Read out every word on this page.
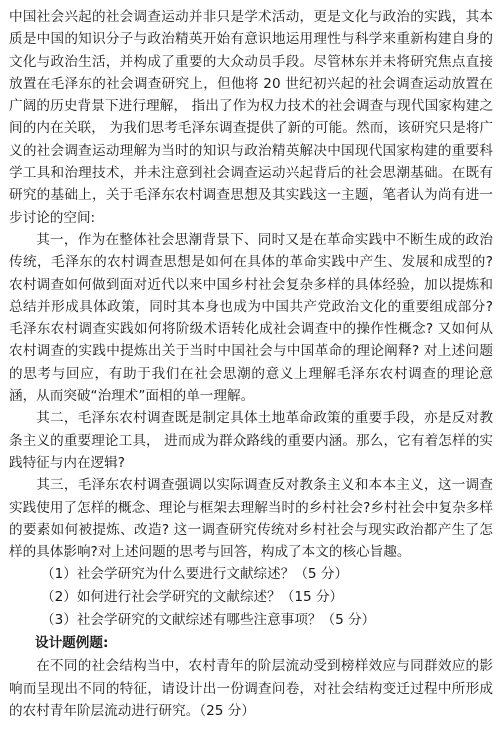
中国社会兴起的社会调查运动并非只是学术活动，更是文化与政治的实践，其本质是中国的知识分子与政治精英开始有意识地运用理性与科学来重新构建自身的文化与政治生活，并构成了重要的大众动员手段。尽管林东并未将研究焦点直接放置在毛泽东的社会调查研究上，但他将 20 世纪初兴起的社会调查运动放置在广阔的历史背景下进行理解， 指出了作为权力技术的社会调查与现代国家构建之间的内在关联， 为我们思考毛泽东调查提供了新的可能。然而，该研究只是将广义的社会调查运动理解为当时的知识与政治精英解决中国现代国家构建的重要科学工具和治理技术，并未注意到社会调查运动兴起背后的社会思潮基础。在既有研究的基础上，关于毛泽东农村调查思想及其实践这一主题，笔者认为尚有进一步讨论的空间:

其一，作为在整体社会思潮背景下、同时又是在革命实践中不断生成的政治传统，毛泽东的农村调查思想是如何在具体的革命实践中产生、发展和成型的? 农村调查如何做到面对近代以来中国乡村社会复杂多样的具体经验，加以提炼和总结并形成具体政策，同时其本身也成为中国共产党政治文化的重要组成部分? 毛泽东农村调查实践如何将阶级术语转化成社会调查中的操作性概念? 又如何从农村调查的实践中提炼出关于当时中国社会与中国革命的理论阐释? 对上述问题的思考与回应，有助于我们在社会思潮的意义上理解毛泽东农村调查的理论意涵，从而突破“治理术”面相的单一理解。

其二，毛泽东农村调查既是制定具体土地革命政策的重要手段，亦是反对教条主义的重要理论工具， 进而成为群众路线的重要内涵。那么，它有着怎样的实践特征与内在逻辑?

其三，毛泽东农村调查强调以实际调查反对教条主义和本本主义，这一调查实践使用了怎样的概念、理论与框架去理解当时的乡村社会?乡村社会中复杂多样的要素如何被提炼、改造? 这一调查研究传统对乡村社会与现实政治都产生了怎样的具体影响?对上述问题的思考与回答，构成了本文的核心旨趣。

（1）社会学研究为什么要进行文献综述？（5 分）
（2）如何进行社会学研究的文献综述？（15 分）
（3）社会学研究的文献综述有哪些注意事项？（5 分）

设计题例题:

在不同的社会结构当中，农村青年的阶层流动受到榜样效应与同群效应的影响而呈现出不同的特征，请设计出一份调查问卷，对社会结构变迁过程中所形成的农村青年阶层流动进行研究。（25 分）
